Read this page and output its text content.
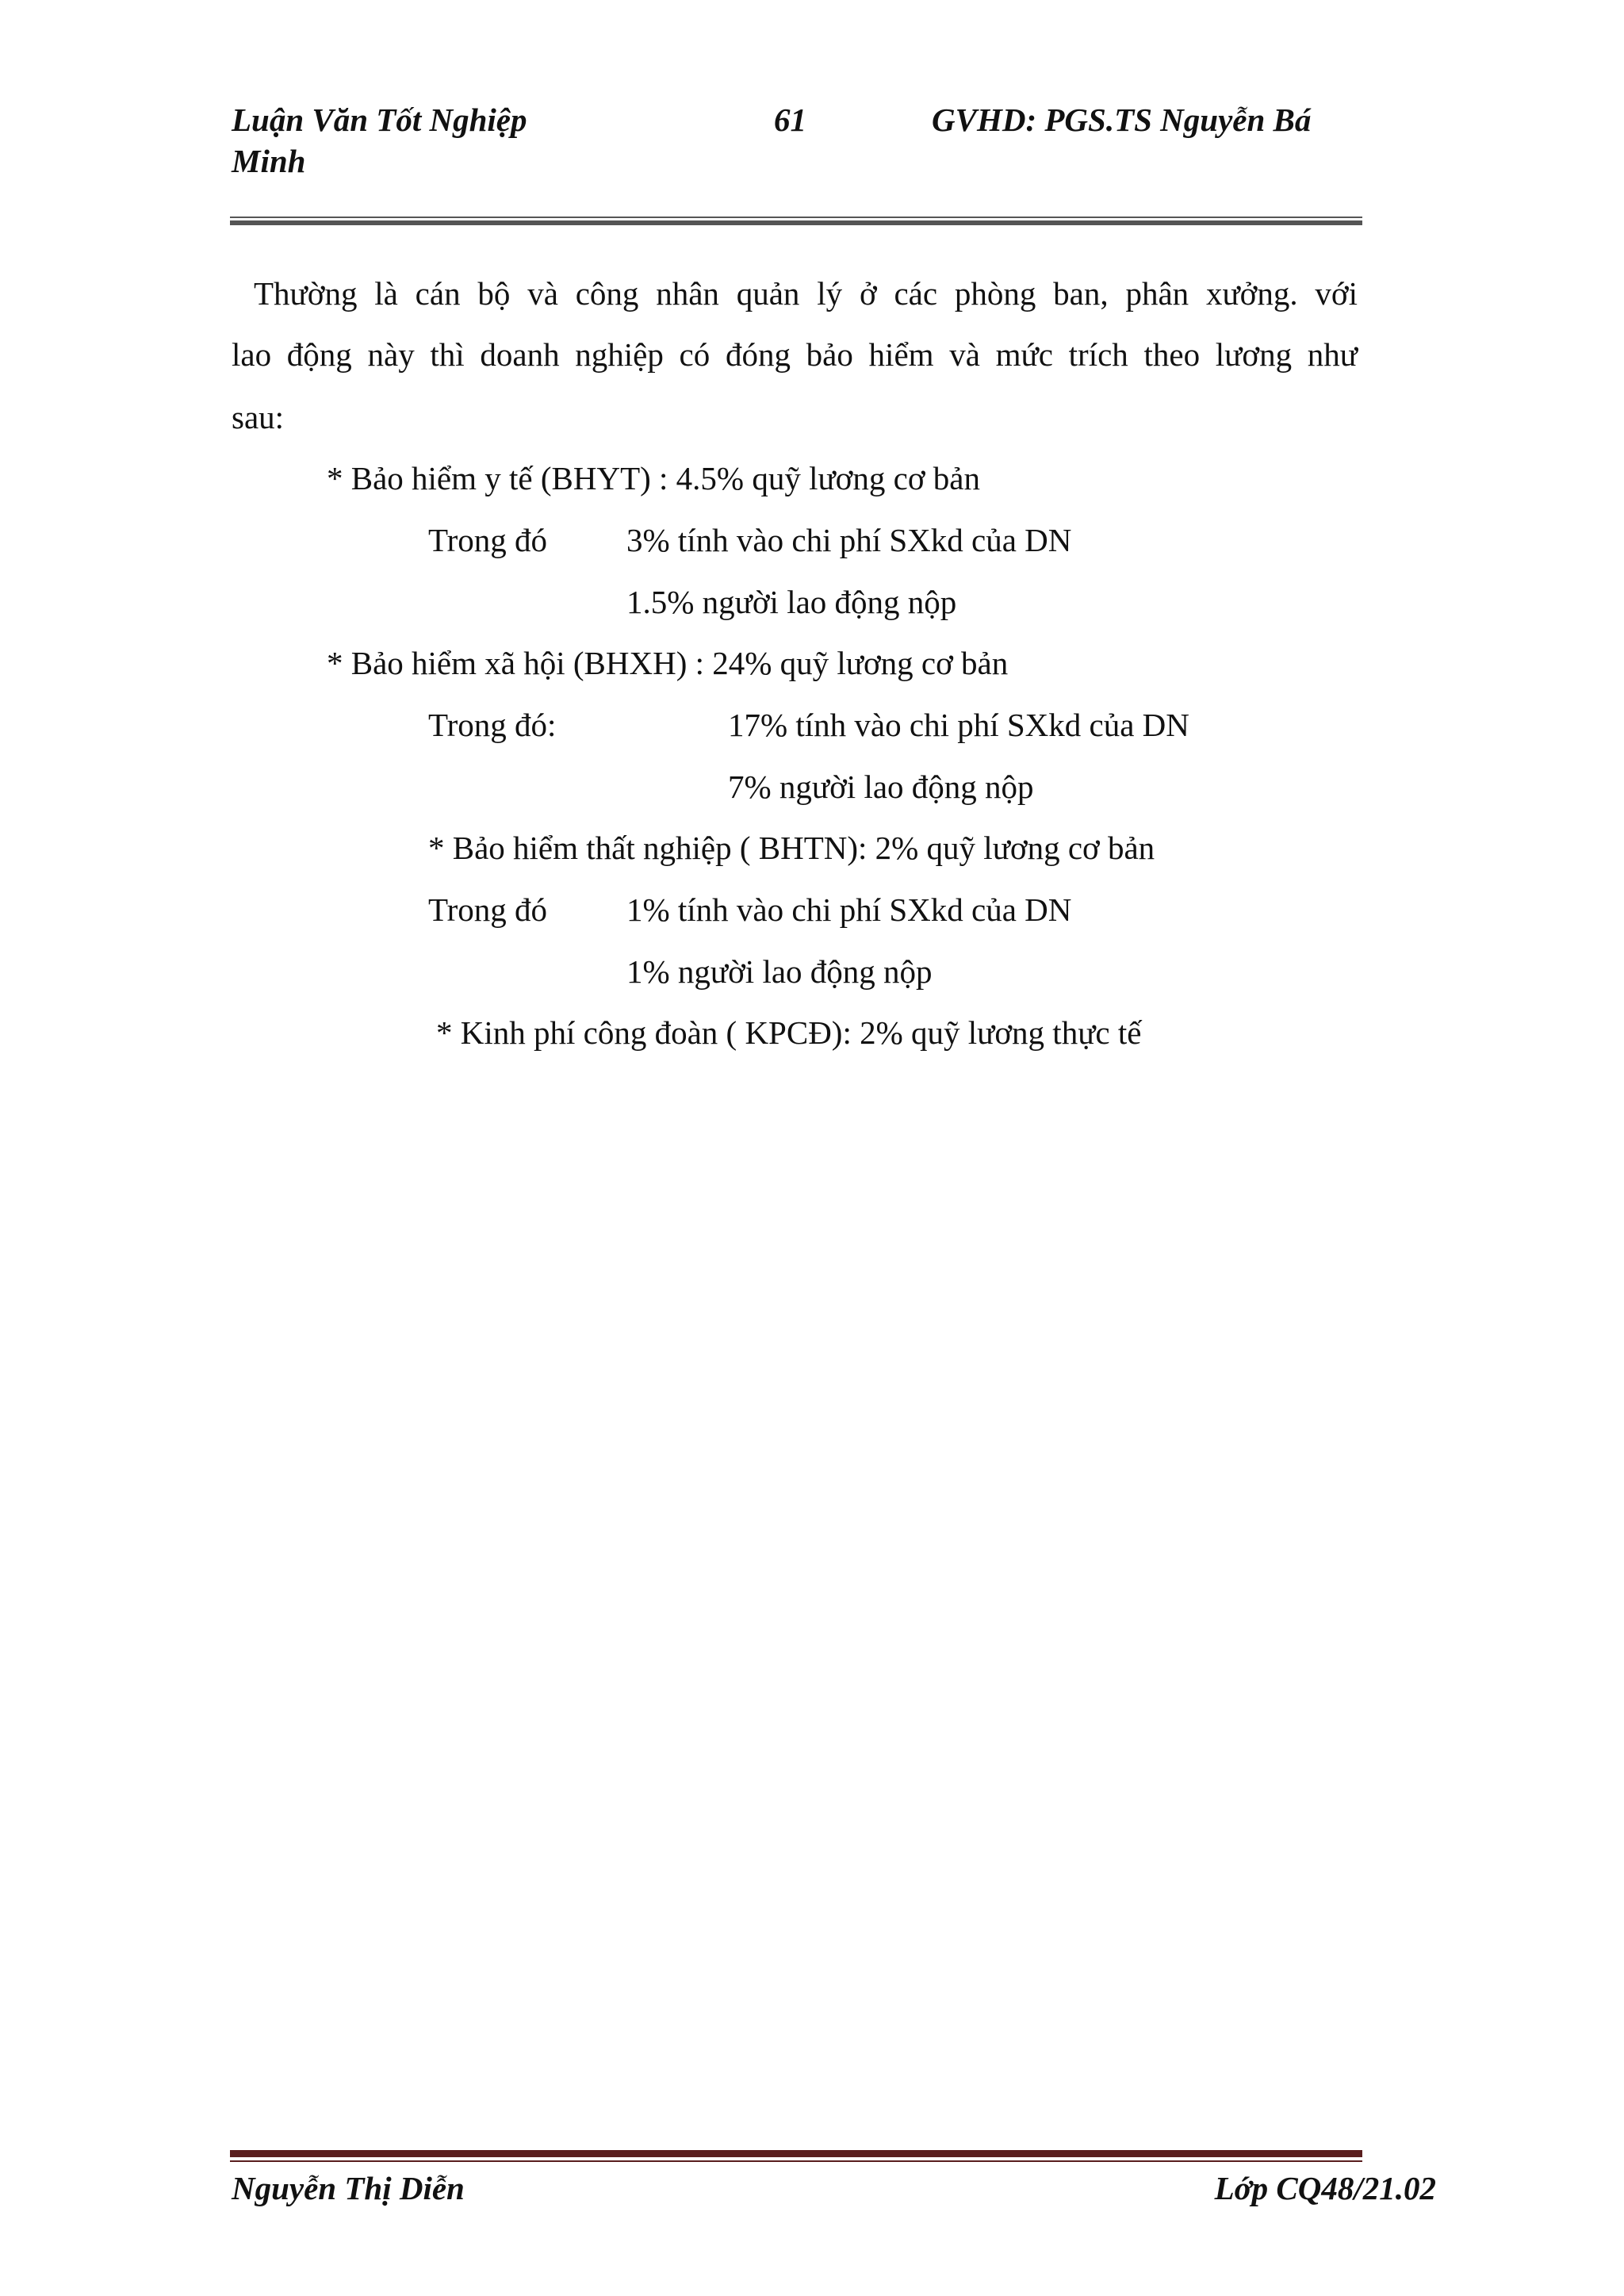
Luận Văn Tốt Nghiệp	61	GVHD: PGS.TS Nguyễn Bá
Minh
Thường là cán bộ và công nhân quản lý ở các phòng ban, phân xưởng. với
lao động này thì doanh nghiệp có đóng bảo hiểm và mức trích theo lương như
sau:
* Bảo hiểm y tế (BHYT) : 4.5% quỹ lương cơ bản
Trong đó 3% tính vào chi phí SXkd của DN
1.5% người lao động nộp
* Bảo hiểm xã hội (BHXH) : 24% quỹ lương cơ bản
Trong đó:	17% tính vào chi phí SXkd của DN
7% người lao động nộp
* Bảo hiểm thất nghiệp ( BHTN): 2% quỹ lương cơ bản
Trong đó 1% tính vào chi phí SXkd của DN
1% người lao động nộp
* Kinh phí công đoàn ( KPCĐ): 2% quỹ lương thực tế
Nguyễn Thị Diễn	Lớp CQ48/21.02
